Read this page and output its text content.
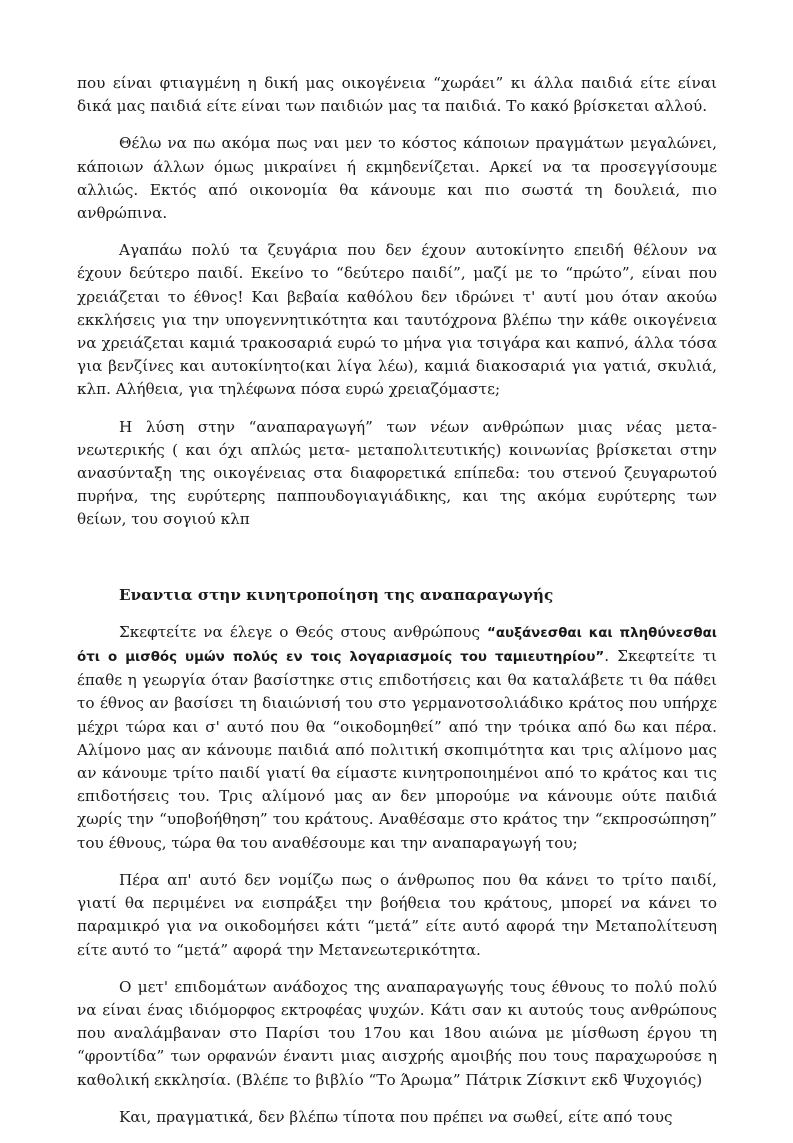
που είναι φτιαγμένη η δική μας οικογένεια “χωράει” κι άλλα παιδιά είτε είναι δικά μας παιδιά είτε είναι των παιδιών μας τα παιδιά. Το κακό βρίσκεται αλλού.

Θέλω να πω ακόμα πως ναι μεν το κόστος κάποιων πραγμάτων μεγαλώνει, κάποιων άλλων όμως μικραίνει ή εκμηδενίζεται. Αρκεί να τα προσεγγίσουμε αλλιώς. Εκτός από οικονομία θα κάνουμε και πιο σωστά τη δουλειά, πιο ανθρώπινα.

Αγαπάω πολύ τα ζευγάρια που δεν έχουν αυτοκίνητο επειδή θέλουν να έχουν δεύτερο παιδί. Εκείνο το “δεύτερο παιδί”, μαζί με το “πρώτο”, είναι που χρειάζεται το έθνος! Και βεβαία καθόλου δεν ιδρώνει τ' αυτί μου όταν ακούω εκκλήσεις για την υπογεννητικότητα και ταυτόχρονα βλέπω την κάθε οικογένεια να χρειάζεται καμιά τρακοσαριά ευρώ το μήνα για τσιγάρα και καπνό, άλλα τόσα για βενζίνες και αυτοκίνητο(και λίγα λέω), καμιά διακοσαριά για γατιά, σκυλιά, κλπ. Αλήθεια, για τηλέφωνα πόσα ευρώ χρειαζόμαστε;

Η λύση στην “αναπαραγωγή” των νέων ανθρώπων μιας νέας μετα-νεωτερικής ( και όχι απλώς μετα- μεταπολιτευτικής) κοινωνίας βρίσκεται στην ανασύνταξη της οικογένειας στα διαφορετικά επίπεδα: του στενού ζευγαρωτού πυρήνα, της ευρύτερης παππουδογιαγιάδικης, και της ακόμα ευρύτερης των θείων, του σογιού κλπ

Εναντια στην κινητροποίηση της αναπαραγωγής

Σκεφτείτε να έλεγε ο Θεός στους ανθρώπους “αυξάνεσθαι και πληθύνεσθαι ότι ο μισθός υμών πολύς εν τοις λογαριασμοίς του ταμιευτηρίου”. Σκεφτείτε τι έπαθε η γεωργία όταν βασίστηκε στις επιδοτήσεις και θα καταλάβετε τι θα πάθει το έθνος αν βασίσει τη διαιώνισή του στο γερμανοτσολιάδικο κράτος που υπήρχε μέχρι τώρα και σ' αυτό που θα “οικοδομηθεί” από την τρόικα από δω και πέρα. Αλίμονο μας αν κάνουμε παιδιά από πολιτική σκοπιμότητα και τρις αλίμονο μας αν κάνουμε τρίτο παιδί γιατί θα είμαστε κινητροποιημένοι από το κράτος και τις επιδοτήσεις του. Τρις αλίμονό μας αν δεν μπορούμε να κάνουμε ούτε παιδιά χωρίς την “υποβοήθηση” του κράτους. Αναθέσαμε στο κράτος την “εκπροσώπηση” του έθνους, τώρα θα του αναθέσουμε και την αναπαραγωγή του;

Πέρα απ' αυτό δεν νομίζω πως ο άνθρωπος που θα κάνει το τρίτο παιδί, γιατί θα περιμένει να εισπράξει την βοήθεια του κράτους, μπορεί να κάνει το παραμικρό για να οικοδομήσει κάτι “μετά” είτε αυτό αφορά την Μεταπολίτευση είτε αυτό το “μετά” αφορά την Μετανεωτερικότητα.

Ο μετ' επιδομάτων ανάδοχος της αναπαραγωγής τους έθνους το πολύ πολύ να είναι ένας ιδιόμορφος εκτροφέας ψυχών. Κάτι σαν κι αυτούς τους ανθρώπους που αναλάμβαναν στο Παρίσι του 17ου και 18ου αιώνα με μίσθωση έργου τη “φροντίδα” των ορφανών έναντι μιας αισχρής αμοιβής που τους παραχωρούσε η καθολική εκκλησία. (Βλέπε το βιβλίο “Το Άρωμα” Πάτρικ Ζίσκιντ εκδ Ψυχογιός)

Και, πραγματικά, δεν βλέπω τίποτα που πρέπει να σωθεί, είτε από τους
